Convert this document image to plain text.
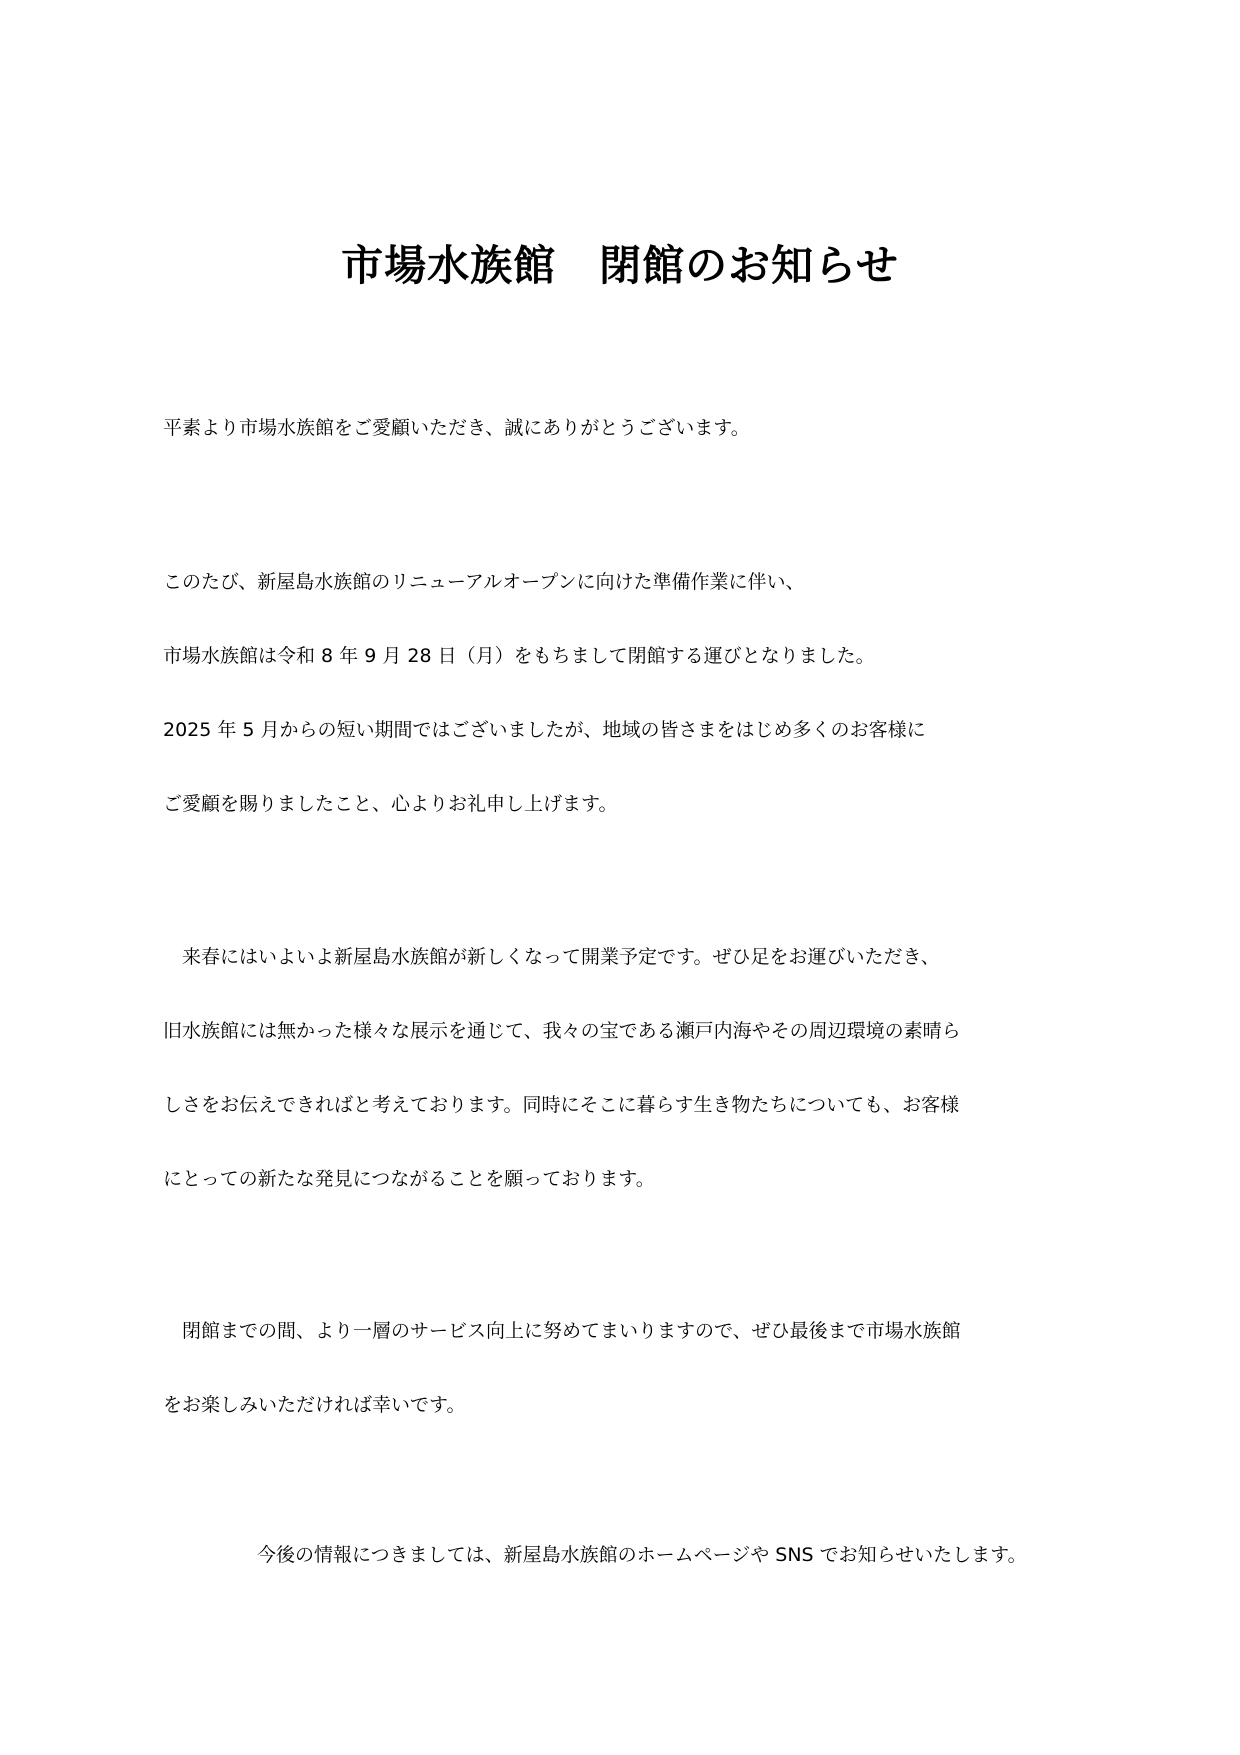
市場水族館　閉館のお知らせ
平素より市場水族館をご愛顧いただき、誠にありがとうございます。
このたび、新屋島水族館のリニューアルオープンに向けた準備作業に伴い、
市場水族館は令和 8 年 9 月 28 日（月）をもちまして閉館する運びとなりました。
2025 年 5 月からの短い期間ではございましたが、地域の皆さまをはじめ多くのお客様に
ご愛顧を賜りましたこと、心よりお礼申し上げます。
　来春にはいよいよ新屋島水族館が新しくなって開業予定です。ぜひ足をお運びいただき、
旧水族館には無かった様々な展示を通じて、我々の宝である瀬戸内海やその周辺環境の素晴ら
しさをお伝えできればと考えております。同時にそこに暮らす生き物たちについても、お客様
にとっての新たな発見につながることを願っております。
　閉館までの間、より一層のサービス向上に努めてまいりますので、ぜひ最後まで市場水族館
をお楽しみいただければ幸いです。
今後の情報につきましては、新屋島水族館のホームページや SNS でお知らせいたします。
